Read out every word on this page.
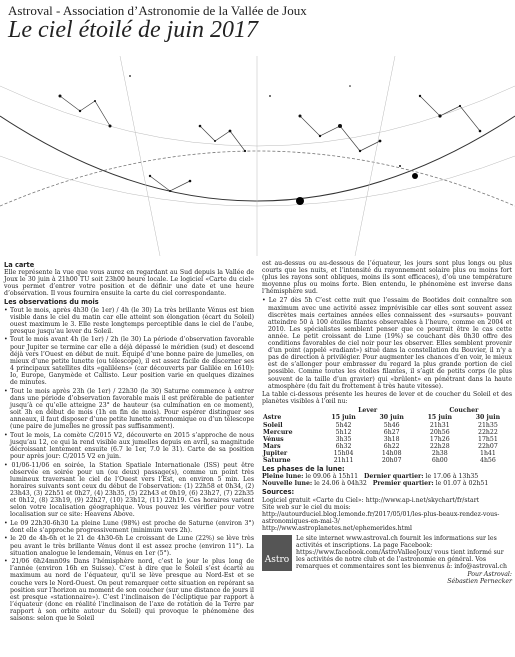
Astroval - Association d’Astronomie de la Vallée de Joux
Le ciel étoilé de juin 2017
La carte
Elle représente la vue que vous aurez en regardant au Sud depuis la Vallée de Joux le 30 juin à 21h00 TU soit 23h00 heure locale. Le logiciel «Carte du ciel» vous permet d’entrer votre position et de définir une date et une heure d’observation. Il vous fournira ensuite la carte du ciel correspondante.
Les observations du mois
• Tout le mois, après 4h30 (le 1er) / 4h (le 30) La très brillante Vénus est bien visible dans le ciel du matin car elle atteint son élongation (écart du Soleil) ouest maximum le 3. Elle reste longtemps perceptible dans le ciel de l’aube, presque jusqu’au lever du Soleil.
• Tout le mois avant 4h (le 1er) / 2h (le 30) La période d’observation favorable pour Jupiter se termine car elle a déjà dépassé le méridien (sud) et descend déjà vers l’Ouest en début de nuit. Équipé d’une bonne paire de jumelles, on mieux d’une petite lunette (ou télescope), il est assez facile de discerner ses 4 principaux satellites dits «galiléens» (car découverts par Galilée en 1610): Io, Europe, Ganymède et Callisto. Leur position varie en quelques dizaines de minutes.
• Tout le mois après 23h (le 1er) / 22h30 (le 30) Saturne commence à entrer dans une période d’observation favorable mais il est préférable de patienter jusqu’à ce qu’elle atteigne 23° de hauteur (sa culmination en ce moment), soit 3h en début de mois (1h en fin de mois). Pour espérer distinguer ses anneaux, il faut disposer d’une petite lunette astronomique ou d’un télescope (une paire de jumelles ne grossit pas suffisamment).
• Tout le mois, La comète C/2015 V2, découverte en 2015 s’approche de nous jusqu’au 12, ce qui la rend visible aux jumelles depuis en avril, sa magnitude décroissant lentement ensuite (6.7 le 1er, 7.0 le 31). Carte de sa position pour après jour: C/2015 V2 en juin.
• 01/06-11/06 en soirée, la Station Spatiale Internationale (ISS) peut être observée en soirée pour un (ou deux) passage(s), comme un point très lumineux traversant le ciel de l’Ouest vers l’Est, en environ 5 min. Les horaires suivants sont ceux du début de l’observation: (1) 22h58 et 0h34, (2) 23h43, (3) 22h51 et 0h27, (4) 23h35, (5) 22h43 et 0h19, (6) 23h27, (7) 22h35 et 0h12, (8) 23h19, (9) 22h27, (10) 23h12, (11) 22h19. Ces horaires varient selon votre localisation géographique. Vous pouvez les vérifier pour votre localisation sur ce site: Heavens Above.
• Le 09 22h30-6h30 La pleine Lune (98%) est proche de Saturne (environ 3°) dont elle s’approche progressivement (minimum vers 2h).
• le 20 de 4h-6h et le 21 de 4h30-6h Le croissant de Lune (22%) se lève très peu avant le très brillante Vénus dont il est assez proche (environ 11°). La situation analogue le lendemain, Vénus en 1er (5°).
• 21/06 6h24mn09s Dans l’hémisphère nord, c’est le jour le plus long de l’année (environ 16h en Suisse). C’est à dire que le Soleil s’est écarté au maximum au nord de l’équateur, qu’il se lève presque au Nord-Est et se couche vers le Nord-Ouest. On peut remarquer cette situation en repérant sa position sur l’horizon au moment de son coucher (sur une distance de jours il est presque «stationnaire»). C’est l’inclinaison de l’écliptique par rapport à l’équateur (donc en réalité l’inclinaison de l’axe de rotation de la Terre par rapport à son orbite autour du Soleil) qui provoque le phénomène des saisons: selon que le Soleil
est au-dessus ou au-dessous de l’équateur, les jours sont plus longs ou plus courts que les nuits, et l’intensité du rayonnement solaire plus ou moins fort (plus les rayons sont obliques, moins ils sont efficaces), d’où une température moyenne plus ou moins forte. Bien entendu, le phénomène est inverse dans l’hémisphère sud.
• Le 27 dès 5h C’est cette nuit que l’essaim de Bootides doit connaître son maximum avec une activité assez imprévisible car elles sont souvent assez discrètes mais certaines années elles connaissent des «sursauts» pouvant atteindre 50 à 100 étoiles filantes observables à l’heure, comme en 2004 et 2010. Les spécialistes semblent penser que ce pourrait être le cas cette année. Le petit croissant de Lune (19%) se couchant dès 0h30 offre des conditions favorables de ciel noir pour les observer. Elles semblent provenir d’un point (appelé «radiant») situé dans la constellation du Bouvier, il n’y a pas de direction à privilégier. Pour augmenter les chances d’en voir, le mieux est de s’allonger pour embrasser du regard la plus grande portion de ciel possible. Comme toutes les étoiles filantes, il s’agit de petits corps (le plus souvent de la taille d’un gravier) qui «brûlent» en pénétrant dans la haute atmosphère (du fait du frottement à très haute vitesse).
La table ci-dessous présente les heures de lever et de coucher du Soleil et des planètes visibles à l’œil nu:
	Lever		Coucher	
Astre	15 juin	30 juin	15 juin	30 juin
Soleil	5h42	5h46	21h31	21h35
Mercure	5h12	6h27	20h56	22h22
Vénus	3h35	3h18	17h26	17h51
Mars	6h32	6h22	22h28	22h07
Jupiter	15h04	14h08	2h38	1h41
Saturne	21h11	20h07	6h00	4h56
Les phases de la lune:
Pleine lune: le 09.06 à 15h11 Dernier quartier: le 17.06 à 13h35
Nouvelle lune: le 24.06 à 04h32 Premier quartier: le 01.07 à 02h51
Sources:
Logiciel gratuit «Carte du Ciel»: http://www.ap-i.net/skychart/fr/start
Site web sur le ciel du mois: http://autourduciel.blog.lemonde.fr/2017/05/01/les-plus-beaux-rendez-vous-astronomiques-en-mai-3/
http://www.astroplanetes.net/ephemerides.html
Astro
Le site internet www.astroval.ch fournit les informations sur les activités et inscriptions. La page Facebook: https://www.facebook.com/AstroValleeJoux/ vous tient informé sur les activités de notre club et de l’astronomie en général. Vos remarques et commentaires sont les bienvenus à: info@astroval.ch
Pour Astroval:
Sébastien Pernecker
